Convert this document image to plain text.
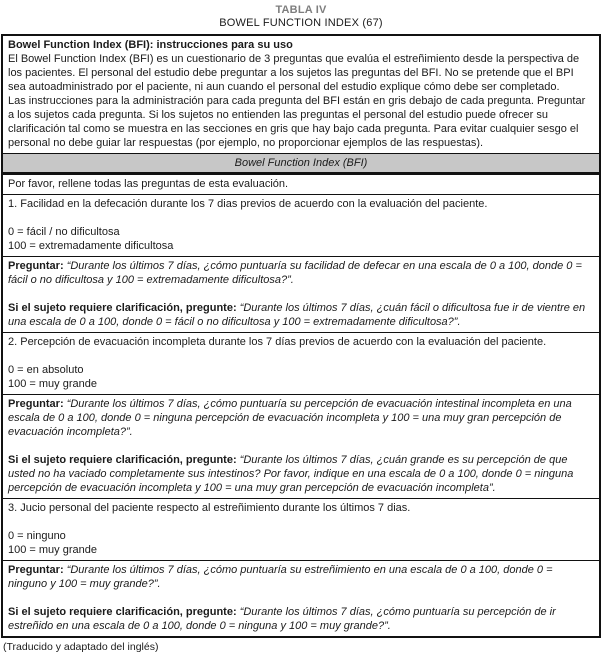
TABLA IV
BOWEL FUNCTION INDEX (67)

Bowel Function Index (BFI): instrucciones para su uso

El Bowel Function Index (BFI) es un cuestionario de 3 preguntas que evalúa el estreñimiento desde la perspectiva de los pacientes. El personal del estudio debe preguntar a los sujetos las preguntas del BFI. No se pretende que el BPI sea autoadministrado por el paciente, ni aun cuando el personal del estudio explique cómo debe ser completado.

Las instrucciones para la administración para cada pregunta del BFI están en gris debajo de cada pregunta. Preguntar a los sujetos cada pregunta. Si los sujetos no entienden las preguntas el personal del estudio puede ofrecer su clarificación tal como se muestra en las secciones en gris que hay bajo cada pregunta. Para evitar cualquier sesgo el personal no debe guiar lar respuestas (por ejemplo, no proporcionar ejemplos de las respuestas).

Bowel Function Index (BFI)

Por favor, rellene todas las preguntas de esta evaluación.

1. Facilidad en la defecación durante los 7 dias previos de acuerdo con la evaluación del paciente.

0 = fácil / no dificultosa

100 = extremadamente dificultosa

Preguntar: “Durante los últimos 7 días, ¿cómo puntuaría su facilidad de defecar en una escala de 0 a 100, donde 0 = fácil o no dificultosa y 100 = extremadamente dificultosa?”.

Si el sujeto requiere clarificación, pregunte: “Durante los últimos 7 días, ¿cuán fácil o dificultosa fue ir de vientre en una escala de 0 a 100, donde 0 = fácil o no dificultosa y 100 = extremadamente dificultosa?”.

2. Percepción de evacuación incompleta durante los 7 días previos de acuerdo con la evaluación del paciente.

0 = en absoluto

100 = muy grande

Preguntar: “Durante los últimos 7 días, ¿cómo puntuaría su percepción de evacuación intestinal incompleta en una escala de 0 a 100, donde 0 = ninguna percepción de evacuación incompleta y 100 = una muy gran percepción de evacuación incompleta?”.

Si el sujeto requiere clarificación, pregunte: “Durante los últimos 7 días, ¿cuán grande es su percepción de que usted no ha vaciado completamente sus intestinos? Por favor, indique en una escala de 0 a 100, donde 0 = ninguna percepción de evacuación incompleta y 100 = una muy gran percepción de evacuación incompleta”.

3. Jucio personal del paciente respecto al estreñimiento durante los últimos 7 dias.

0 = ninguno

100 = muy grande

Preguntar: “Durante los últimos 7 días, ¿cómo puntuaría su estreñimiento en una escala de 0 a 100, donde 0 = ninguno y 100 = muy grande?”.

Si el sujeto requiere clarificación, pregunte: “Durante los últimos 7 días, ¿cómo puntuaría su percepción de ir estreñido en una escala de 0 a 100, donde 0 = ninguna y 100 = muy grande?”.

(Traducido y adaptado del inglés)
